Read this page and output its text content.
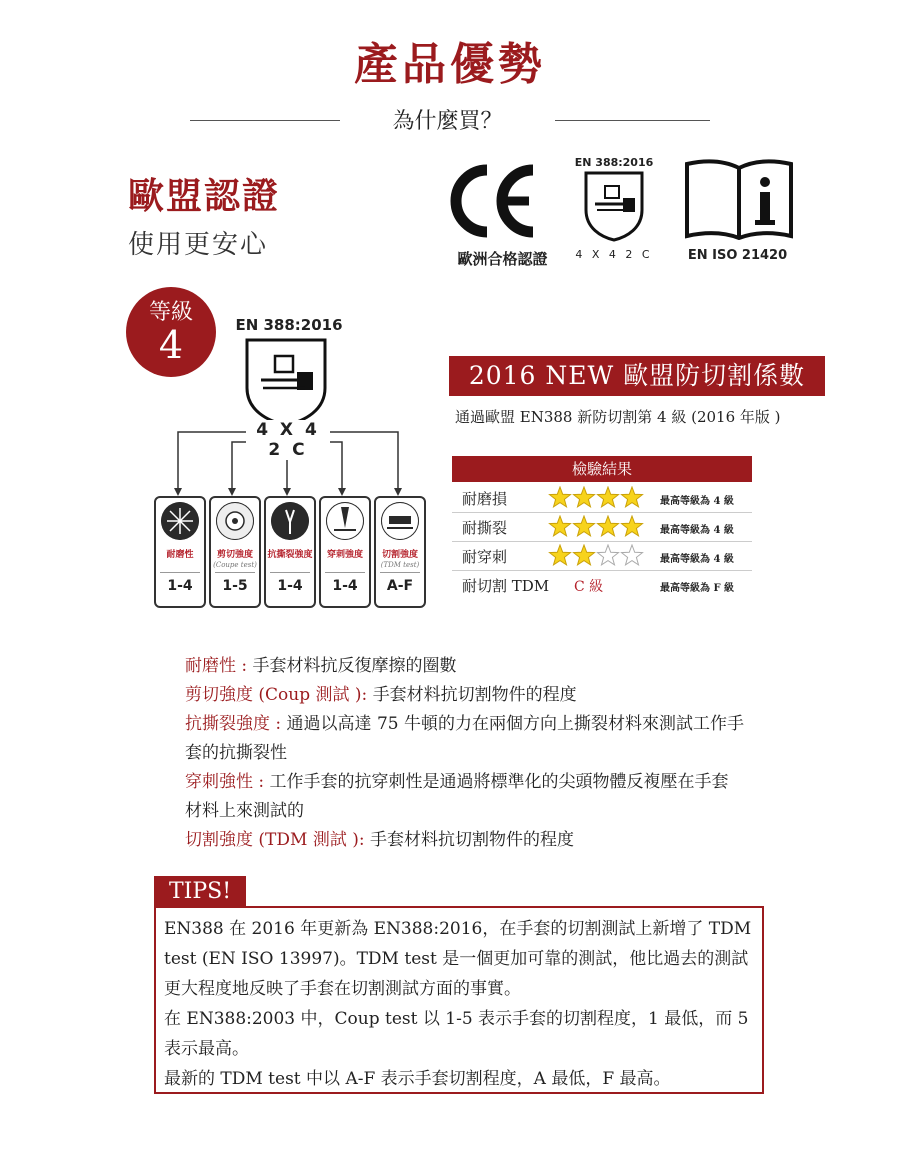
產品優勢
為什麼買？
歐盟認證
使用更安心	歐洲合格認證
EN 388:2016
4 X 4 2 C	EN ISO 21420
等級
4	EN 388:2016
4 X 4 2 C
耐磨性
1-4
剪切強度
(Coupe test)
1-5
抗撕裂強度
1-4
穿刺強度
1-4
切割強度
(TDM test)
A-F
2016 NEW 歐盟防切割係數
通過歐盟 EN388 新防切割第 4 級 (2016 年版 )
檢驗結果
耐磨損	最高等級為 4 級
耐撕裂	最高等級為 4 級
耐穿刺	最高等級為 4 級
耐切割 TDM C 級	最高等級為 F 級
耐磨性 : 手套材料抗反復摩擦的圈數
剪切強度 (Coup 測試 ): 手套材料抗切割物件的程度
抗撕裂強度 : 通過以高達 75 牛頓的力在兩個方向上撕裂材料來測試工作手套的抗撕裂性
穿刺強性 : 工作手套的抗穿刺性是通過將標準化的尖頭物體反複壓在手套材料上來測試的
切割強度 (TDM 測試 ): 手套材料抗切割物件的程度
TIPS!

EN388 在 2016 年更新為 EN388:2016，在手套的切割測試上新增了 TDM test (EN ISO 13997)。TDM test 是一個更加可靠的測試，他比過去的測試更大程度地反映了手套在切割測試方面的事實。

在 EN388:2003 中，Coup test 以 1-5 表示手套的切割程度，1 最低，而 5 表示最高。

最新的 TDM test 中以 A-F 表示手套切割程度，A 最低，F 最高。
